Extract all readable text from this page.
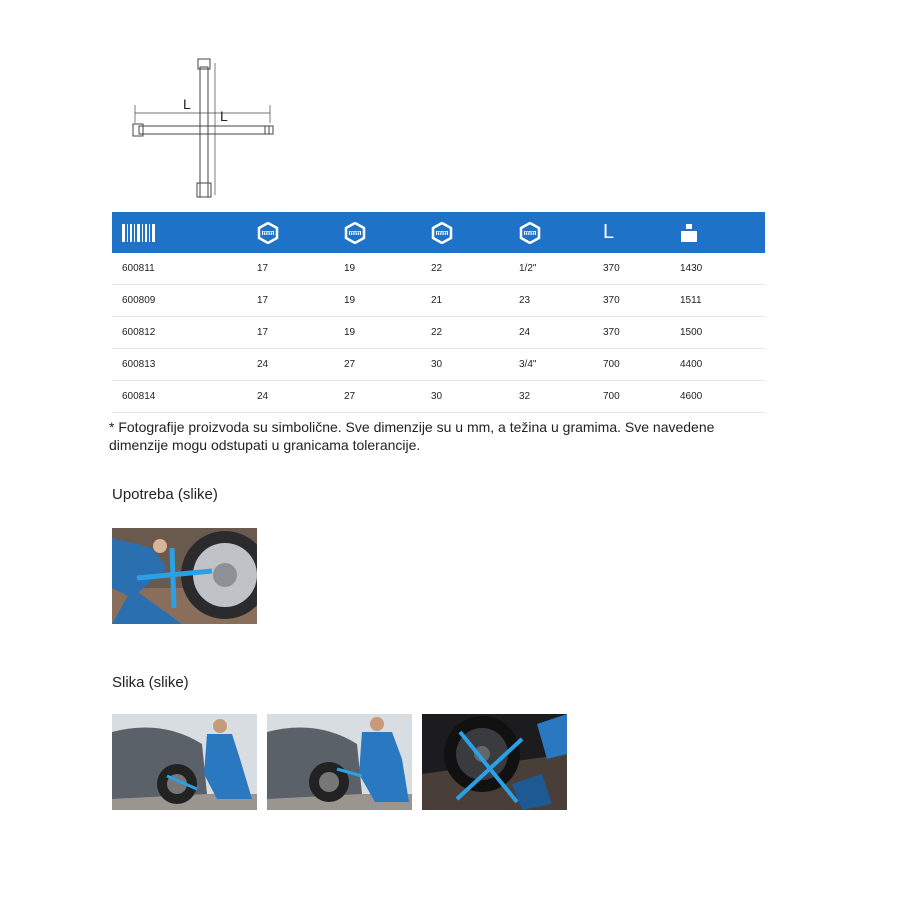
L
L

mm	mm	mm	mm	L	
600811	17	19	22	1/2"	370	1430
600809	17	19	21	23	370	1511
600812	17	19	22	24	370	1500
600813	24	27	30	3/4"	700	4400
600814	24	27	30	32	700	4600
* Fotografije proizvoda su simbolične. Sve dimenzije su u mm, a težina u gramima. Sve navedene dimenzije mogu odstupati u granicama tolerancije.
Upotreba (slike)
Slika (slike)
